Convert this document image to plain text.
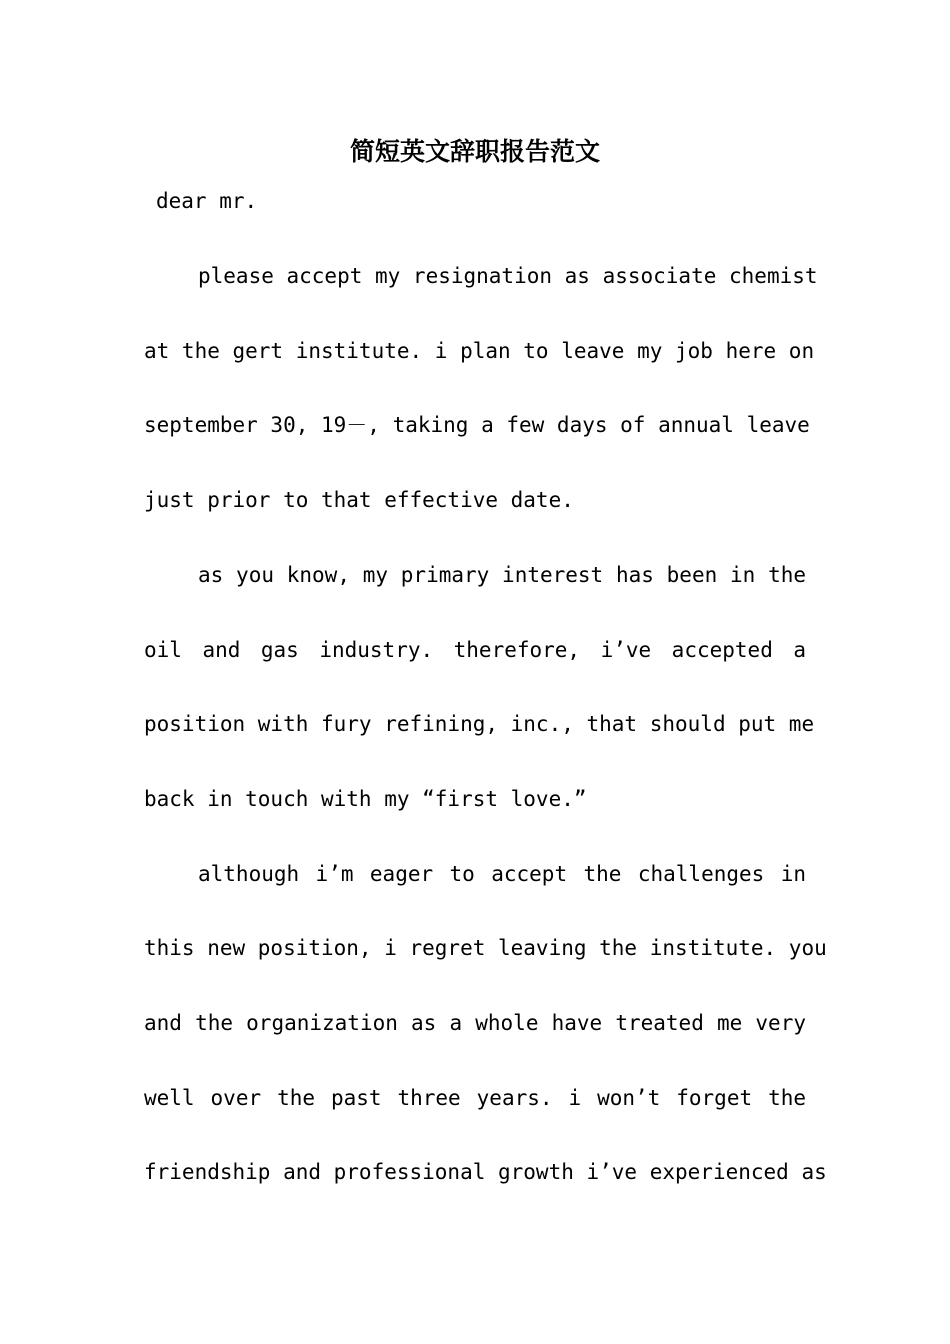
简短英文辞职报告范文
dear mr.
please accept my resignation as associate chemist
at the gert institute. i plan to leave my job here on
september 30, 19－, taking a few days of annual leave
just prior to that effective date.
as you know, my primary interest has been in the
oil and gas industry. therefore, i’ve accepted a
position with fury refining, inc., that should put me
back in touch with my “first love.”
although i’m eager to accept the challenges in
this new position, i regret leaving the institute. you
and the organization as a whole have treated me very
well over the past three years. i won’t forget the
friendship and professional growth i’ve experienced as
